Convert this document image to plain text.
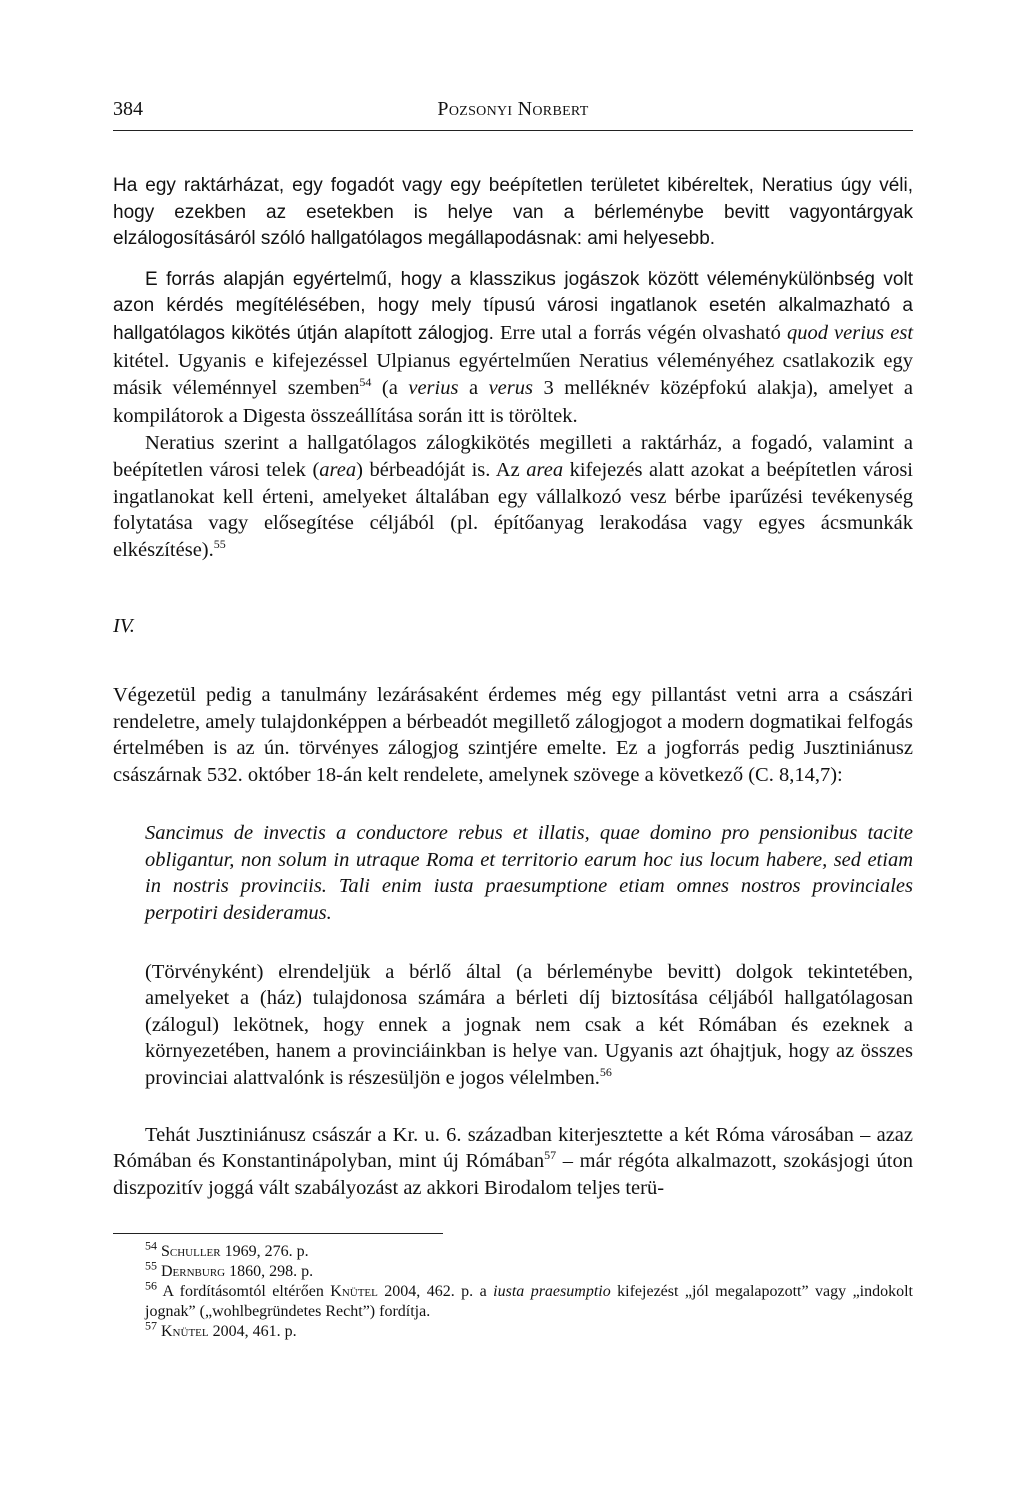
384	Pozsonyi Norbert

Ha egy raktárházat, egy fogadót vagy egy beépítetlen területet kibéreltek, Neratius úgy véli, hogy ezekben az esetekben is helye van a bérleménybe bevitt vagyontárgyak elzálogosításáról szóló hallgatólagos megállapodásnak: ami helyesebb.

E forrás alapján egyértelmű, hogy a klasszikus jogászok között véleménykülönbség volt azon kérdés megítélésében, hogy mely típusú városi ingatlanok esetén alkalmazható a hallgatólagos kikötés útján alapított zálogjog. Erre utal a forrás végén olvasható quod verius est kitétel. Ugyanis e kifejezéssel Ulpianus egyértelműen Neratius véleményéhez csatlakozik egy másik véleménnyel szemben$^{54}$ (a verius a verus 3 melléknév középfokú alakja), amelyet a kompilátorok a Digesta összeállítása során itt is töröltek.

Neratius szerint a hallgatólagos zálogkikötés megilleti a raktárház, a fogadó, valamint a beépítetlen városi telek (area) bérbeadóját is. Az area kifejezés alatt azokat a beépítetlen városi ingatlanokat kell érteni, amelyeket általában egy vállalkozó vesz bérbe iparűzési tevékenység folytatása vagy elősegítése céljából (pl. építőanyag lerakodása vagy egyes ácsmunkák elkészítése).$^{55}$

IV.

Végezetül pedig a tanulmány lezárásaként érdemes még egy pillantást vetni arra a császári rendeletre, amely tulajdonképpen a bérbeadót megillető zálogjogot a modern dogmatikai felfogás értelmében is az ún. törvényes zálogjog szintjére emelte. Ez a jogforrás pedig Jusztiniánusz császárnak 532. október 18-án kelt rendelete, amelynek szövege a következő (C. 8,14,7):

Sancimus de invectis a conductore rebus et illatis, quae domino pro pensionibus tacite obligantur, non solum in utraque Roma et territorio earum hoc ius locum habere, sed etiam in nostris provinciis. Tali enim iusta praesumptione etiam omnes nostros provinciales perpotiri desideramus.

(Törvényként) elrendeljük a bérlő által (a bérleménybe bevitt) dolgok tekintetében, amelyeket a (ház) tulajdonosa számára a bérleti díj biztosítása céljából hallgatólagosan (zálogul) lekötnek, hogy ennek a jognak nem csak a két Rómában és ezeknek a környezetében, hanem a provinciáinkban is helye van. Ugyanis azt óhajtjuk, hogy az összes provinciai alattvalónk is részesüljön e jogos vélelmben.$^{56}$

Tehát Jusztiniánusz császár a Kr. u. 6. században kiterjesztette a két Róma városában – azaz Rómában és Konstantinápolyban, mint új Rómában$^{57}$ – már régóta alkalmazott, szokásjogi úton diszpozitív joggá vált szabályozást az akkori Birodalom teljes terü-

$^{54}$ Schuller 1969, 276. p.

$^{55}$ Dernburg 1860, 298. p.

$^{56}$ A fordításomtól eltérően Knütel 2004, 462. p. a iusta praesumptio kifejezést „jól megalapozott” vagy „indokolt jognak” („wohlbegründetes Recht”) fordítja.

$^{57}$ Knütel 2004, 461. p.
